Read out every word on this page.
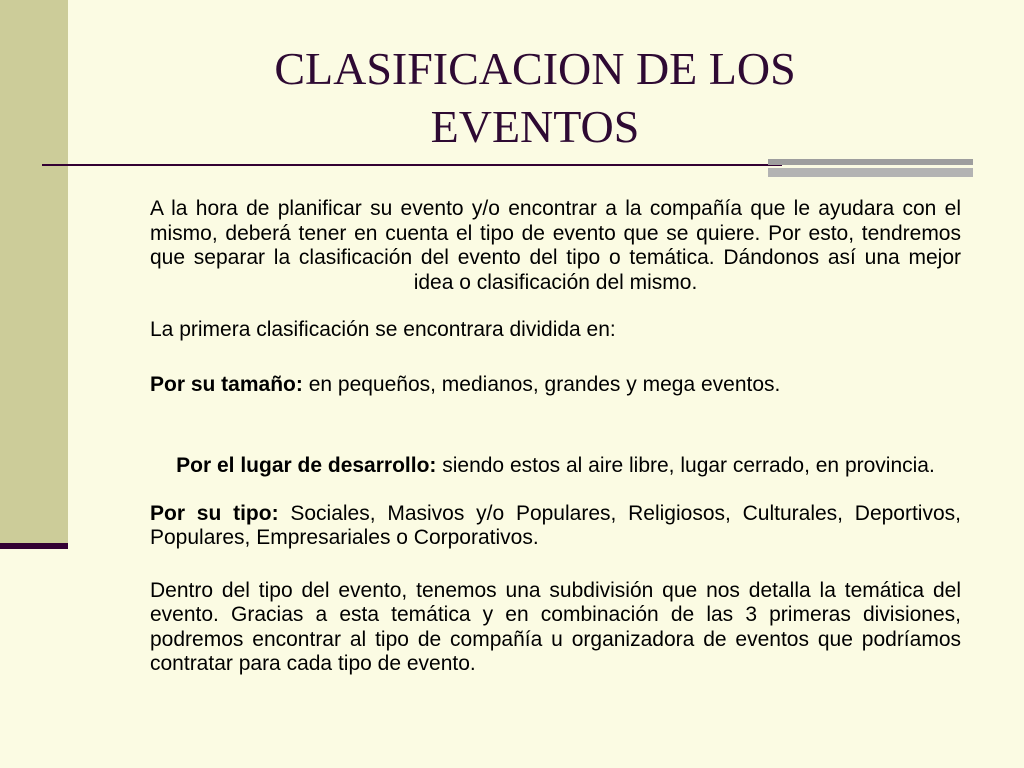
CLASIFICACION DE LOS
EVENTOS

A la hora de planificar su evento y/o encontrar a la compañía que le ayudara con el mismo, deberá tener en cuenta el tipo de evento que se quiere. Por esto, tendremos que separar la clasificación del evento del tipo o temática. Dándonos así una mejor idea o clasificación del mismo.

La primera clasificación se encontrara dividida en:

Por su tamaño: en pequeños, medianos, grandes y mega eventos.

Por el lugar de desarrollo: siendo estos al aire libre, lugar cerrado, en provincia.

Por su tipo: Sociales, Masivos y/o Populares, Religiosos, Culturales, Deportivos, Populares, Empresariales o Corporativos.

Dentro del tipo del evento, tenemos una subdivisión que nos detalla la temática del evento. Gracias a esta temática y en combinación de las 3 primeras divisiones, podremos encontrar al tipo de compañía u organizadora de eventos que podríamos contratar para cada tipo de evento.
